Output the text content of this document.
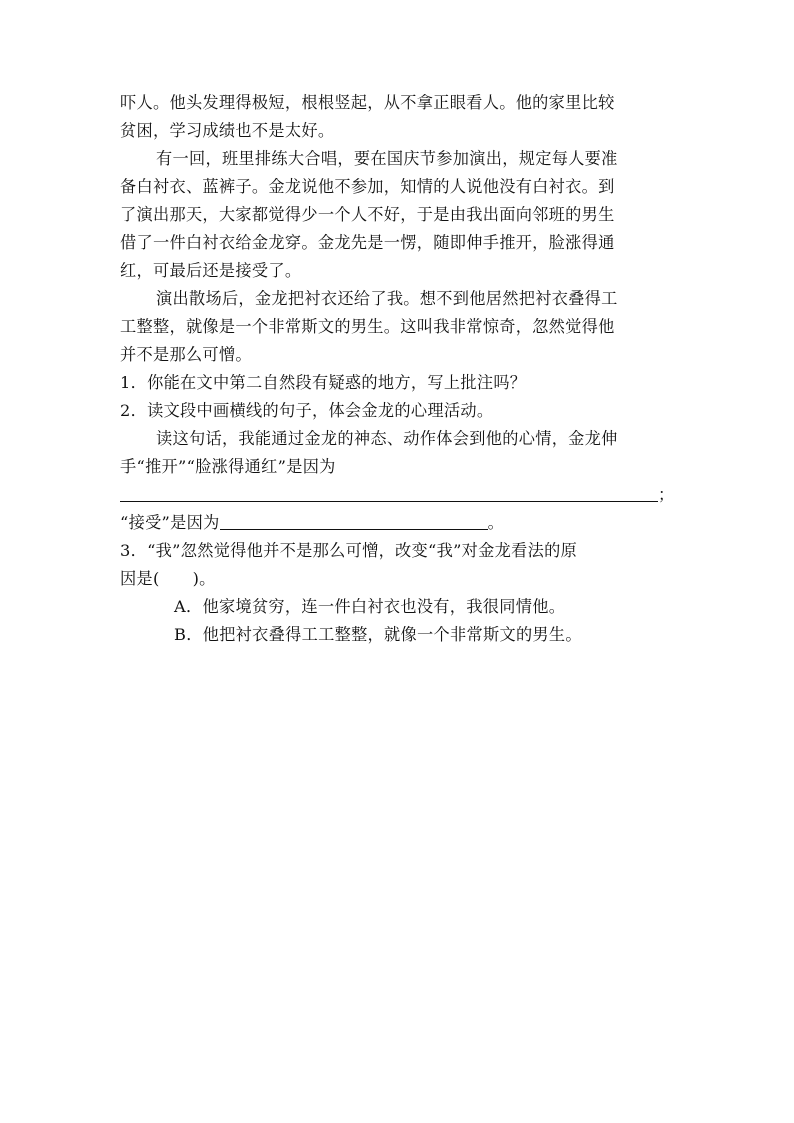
吓人。他头发理得极短，根根竖起，从不拿正眼看人。他的家里比较
贫困，学习成绩也不是太好。
有一回，班里排练大合唱，要在国庆节参加演出，规定每人要准
备白衬衣、蓝裤子。金龙说他不参加，知情的人说他没有白衬衣。到
了演出那天，大家都觉得少一个人不好，于是由我出面向邻班的男生
借了一件白衬衣给金龙穿。金龙先是一愣，随即伸手推开，脸涨得通
红，可最后还是接受了。
演出散场后，金龙把衬衣还给了我。想不到他居然把衬衣叠得工
工整整，就像是一个非常斯文的男生。这叫我非常惊奇，忽然觉得他
并不是那么可憎。
1．你能在文中第二自然段有疑惑的地方，写上批注吗？
2．读文段中画横线的句子，体会金龙的心理活动。
读这句话，我能通过金龙的神态、动作体会到他的心情，金龙伸
手“推开”“脸涨得通红”是因为
；
“接受”是因为	。
3．“我”忽然觉得他并不是那么可憎，改变“我”对金龙看法的原
因是(　　)。
A．他家境贫穷，连一件白衬衣也没有，我很同情他。
B．他把衬衣叠得工工整整，就像一个非常斯文的男生。
